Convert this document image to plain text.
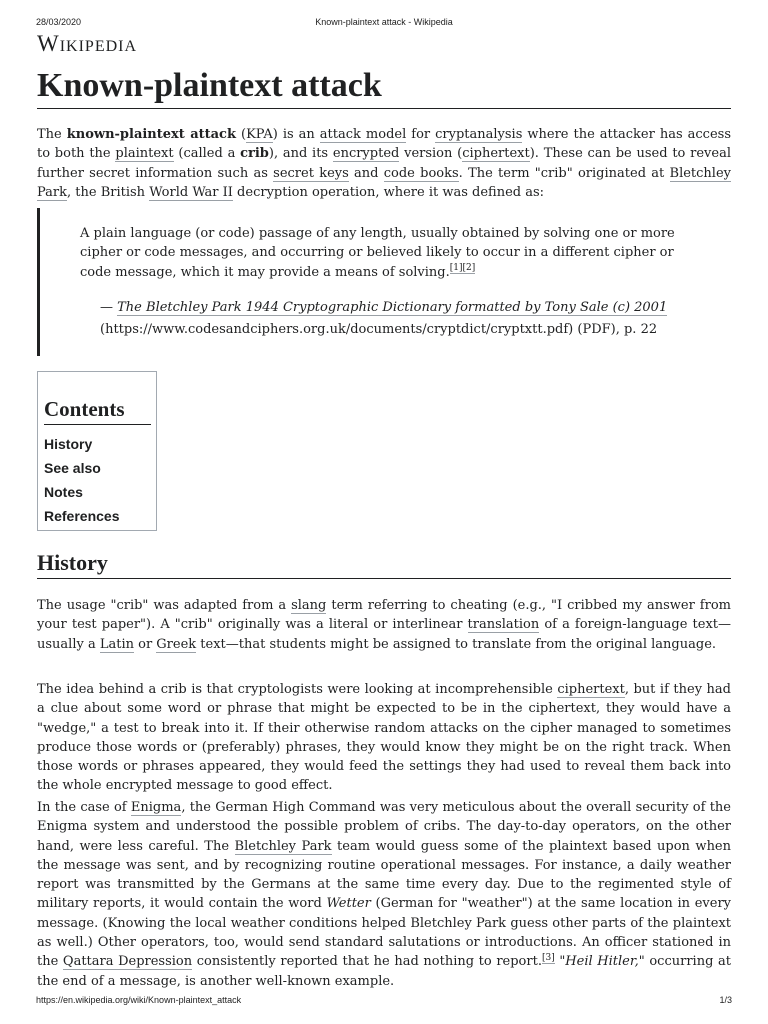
28/03/2020	Known-plaintext attack - Wikipedia
Wikipedia
Known-plaintext attack

The known-plaintext attack (KPA) is an attack model for cryptanalysis where the attacker has access to both the plaintext (called a crib), and its encrypted version (ciphertext). These can be used to reveal further secret information such as secret keys and code books. The term "crib" originated at Bletchley Park, the British World War II decryption operation, where it was defined as:

A plain language (or code) passage of any length, usually obtained by solving one or more cipher or code messages, and occurring or believed likely to occur in a different cipher or code message, which it may provide a means of solving.[1][2]
— The Bletchley Park 1944 Cryptographic Dictionary formatted by Tony Sale (c) 2001 (https://www.codesandciphers.org.uk/documents/cryptdict/cryptxtt.pdf) (PDF), p. 22
Contents
History
See also
Notes
References
History

The usage "crib" was adapted from a slang term referring to cheating (e.g., "I cribbed my answer from your test paper"). A "crib" originally was a literal or interlinear translation of a foreign-language text—usually a Latin or Greek text—that students might be assigned to translate from the original language.

The idea behind a crib is that cryptologists were looking at incomprehensible ciphertext, but if they had a clue about some word or phrase that might be expected to be in the ciphertext, they would have a "wedge," a test to break into it. If their otherwise random attacks on the cipher managed to sometimes produce those words or (preferably) phrases, they would know they might be on the right track. When those words or phrases appeared, they would feed the settings they had used to reveal them back into the whole encrypted message to good effect.

In the case of Enigma, the German High Command was very meticulous about the overall security of the Enigma system and understood the possible problem of cribs. The day-to-day operators, on the other hand, were less careful. The Bletchley Park team would guess some of the plaintext based upon when the message was sent, and by recognizing routine operational messages. For instance, a daily weather report was transmitted by the Germans at the same time every day. Due to the regimented style of military reports, it would contain the word Wetter (German for "weather") at the same location in every message. (Knowing the local weather conditions helped Bletchley Park guess other parts of the plaintext as well.) Other operators, too, would send standard salutations or introductions. An officer stationed in the Qattara Depression consistently reported that he had nothing to report.[3] "Heil Hitler," occurring at the end of a message, is another well-known example.

https://en.wikipedia.org/wiki/Known-plaintext_attack	1/3
